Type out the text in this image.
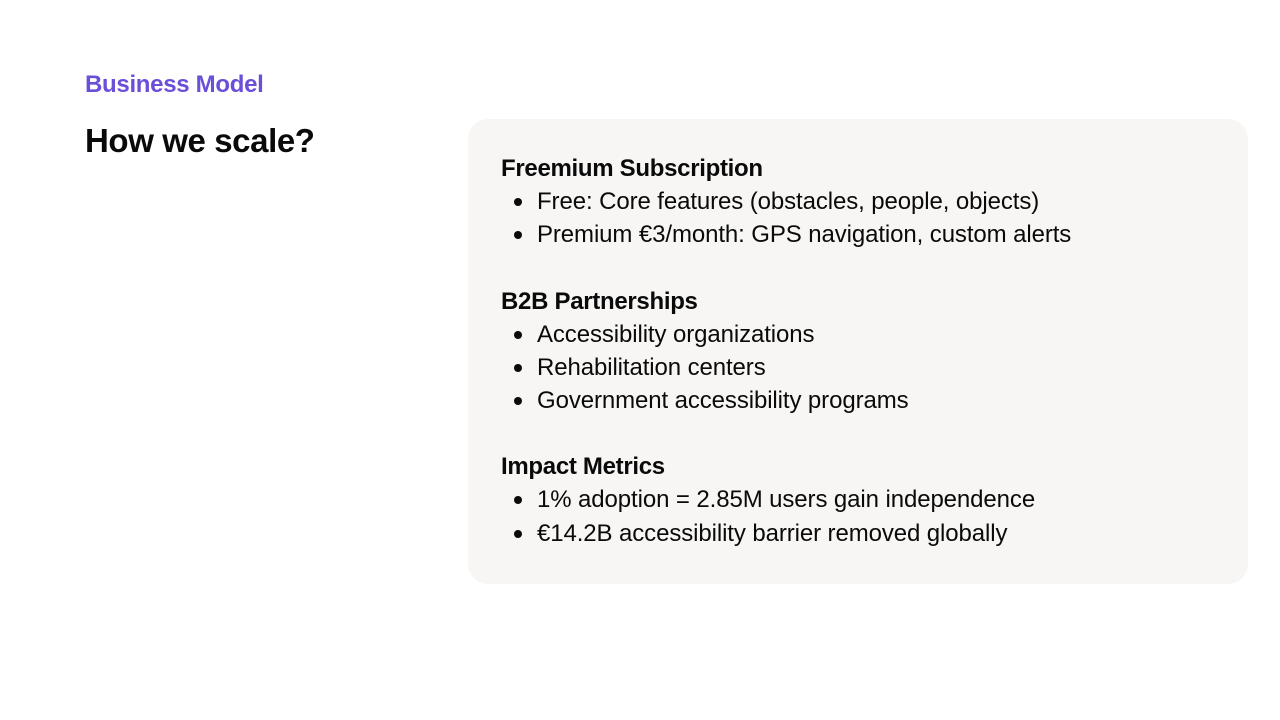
Business Model
How we scale?
Freemium Subscription
Free: Core features (obstacles, people, objects)
Premium €3/month: GPS navigation, custom alerts
B2B Partnerships
Accessibility organizations
Rehabilitation centers
Government accessibility programs
Impact Metrics
1% adoption = 2.85M users gain independence
€14.2B accessibility barrier removed globally
